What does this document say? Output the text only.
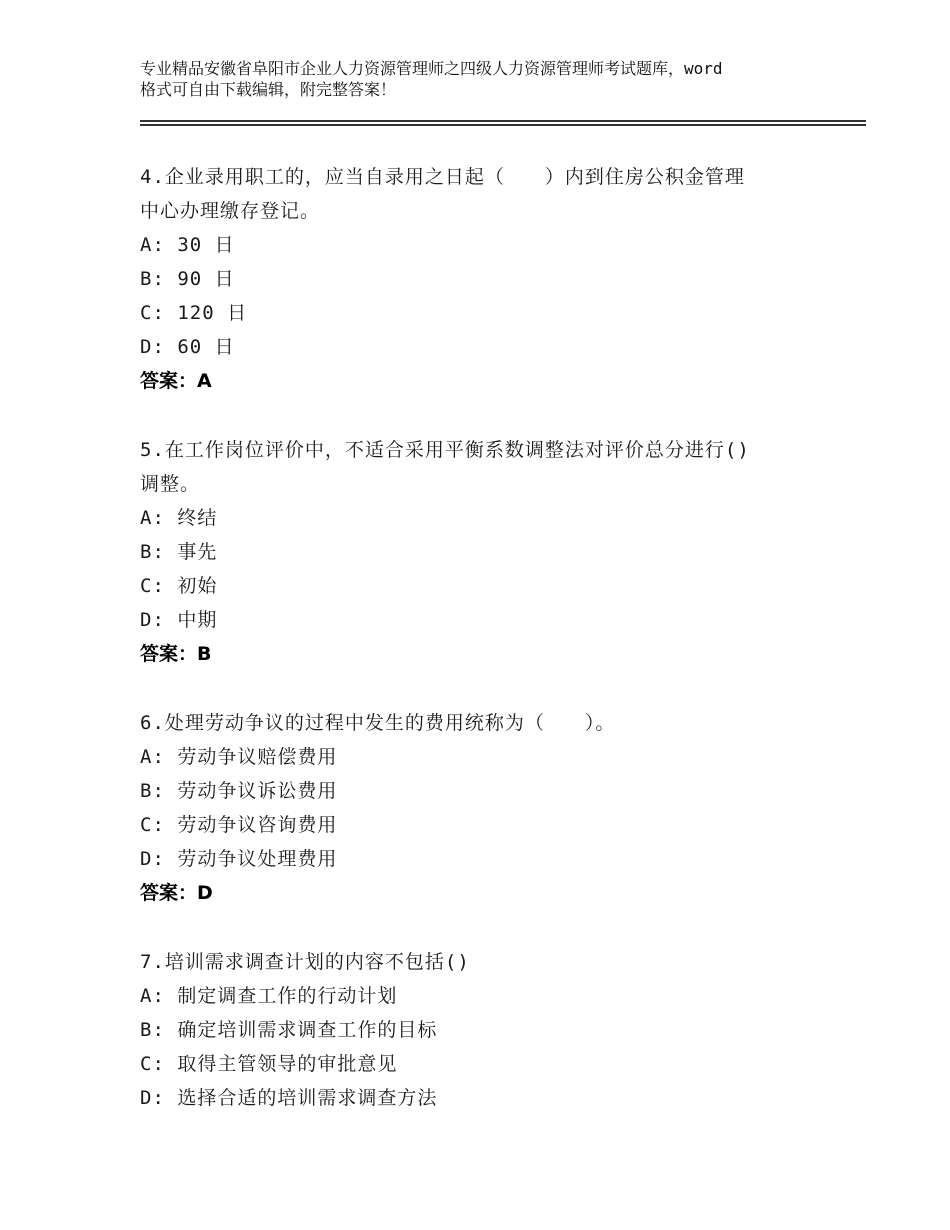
专业精品安徽省阜阳市企业人力资源管理师之四级人力资源管理师考试题库，word
格式可自由下载编辑，附完整答案！
4.企业录用职工的，应当自录用之日起（　　）内到住房公积金管理
中心办理缴存登记。
A: 30 日
B: 90 日
C: 120 日
D: 60 日
答案：A
5.在工作岗位评价中，不适合采用平衡系数调整法对评价总分进行()
调整。
A: 终结
B: 事先
C: 初始
D: 中期
答案：B
6.处理劳动争议的过程中发生的费用统称为（　　）。
A: 劳动争议赔偿费用
B: 劳动争议诉讼费用
C: 劳动争议咨询费用
D: 劳动争议处理费用
答案：D
7.培训需求调查计划的内容不包括()
A: 制定调查工作的行动计划
B: 确定培训需求调查工作的目标
C: 取得主管领导的审批意见
D: 选择合适的培训需求调查方法
